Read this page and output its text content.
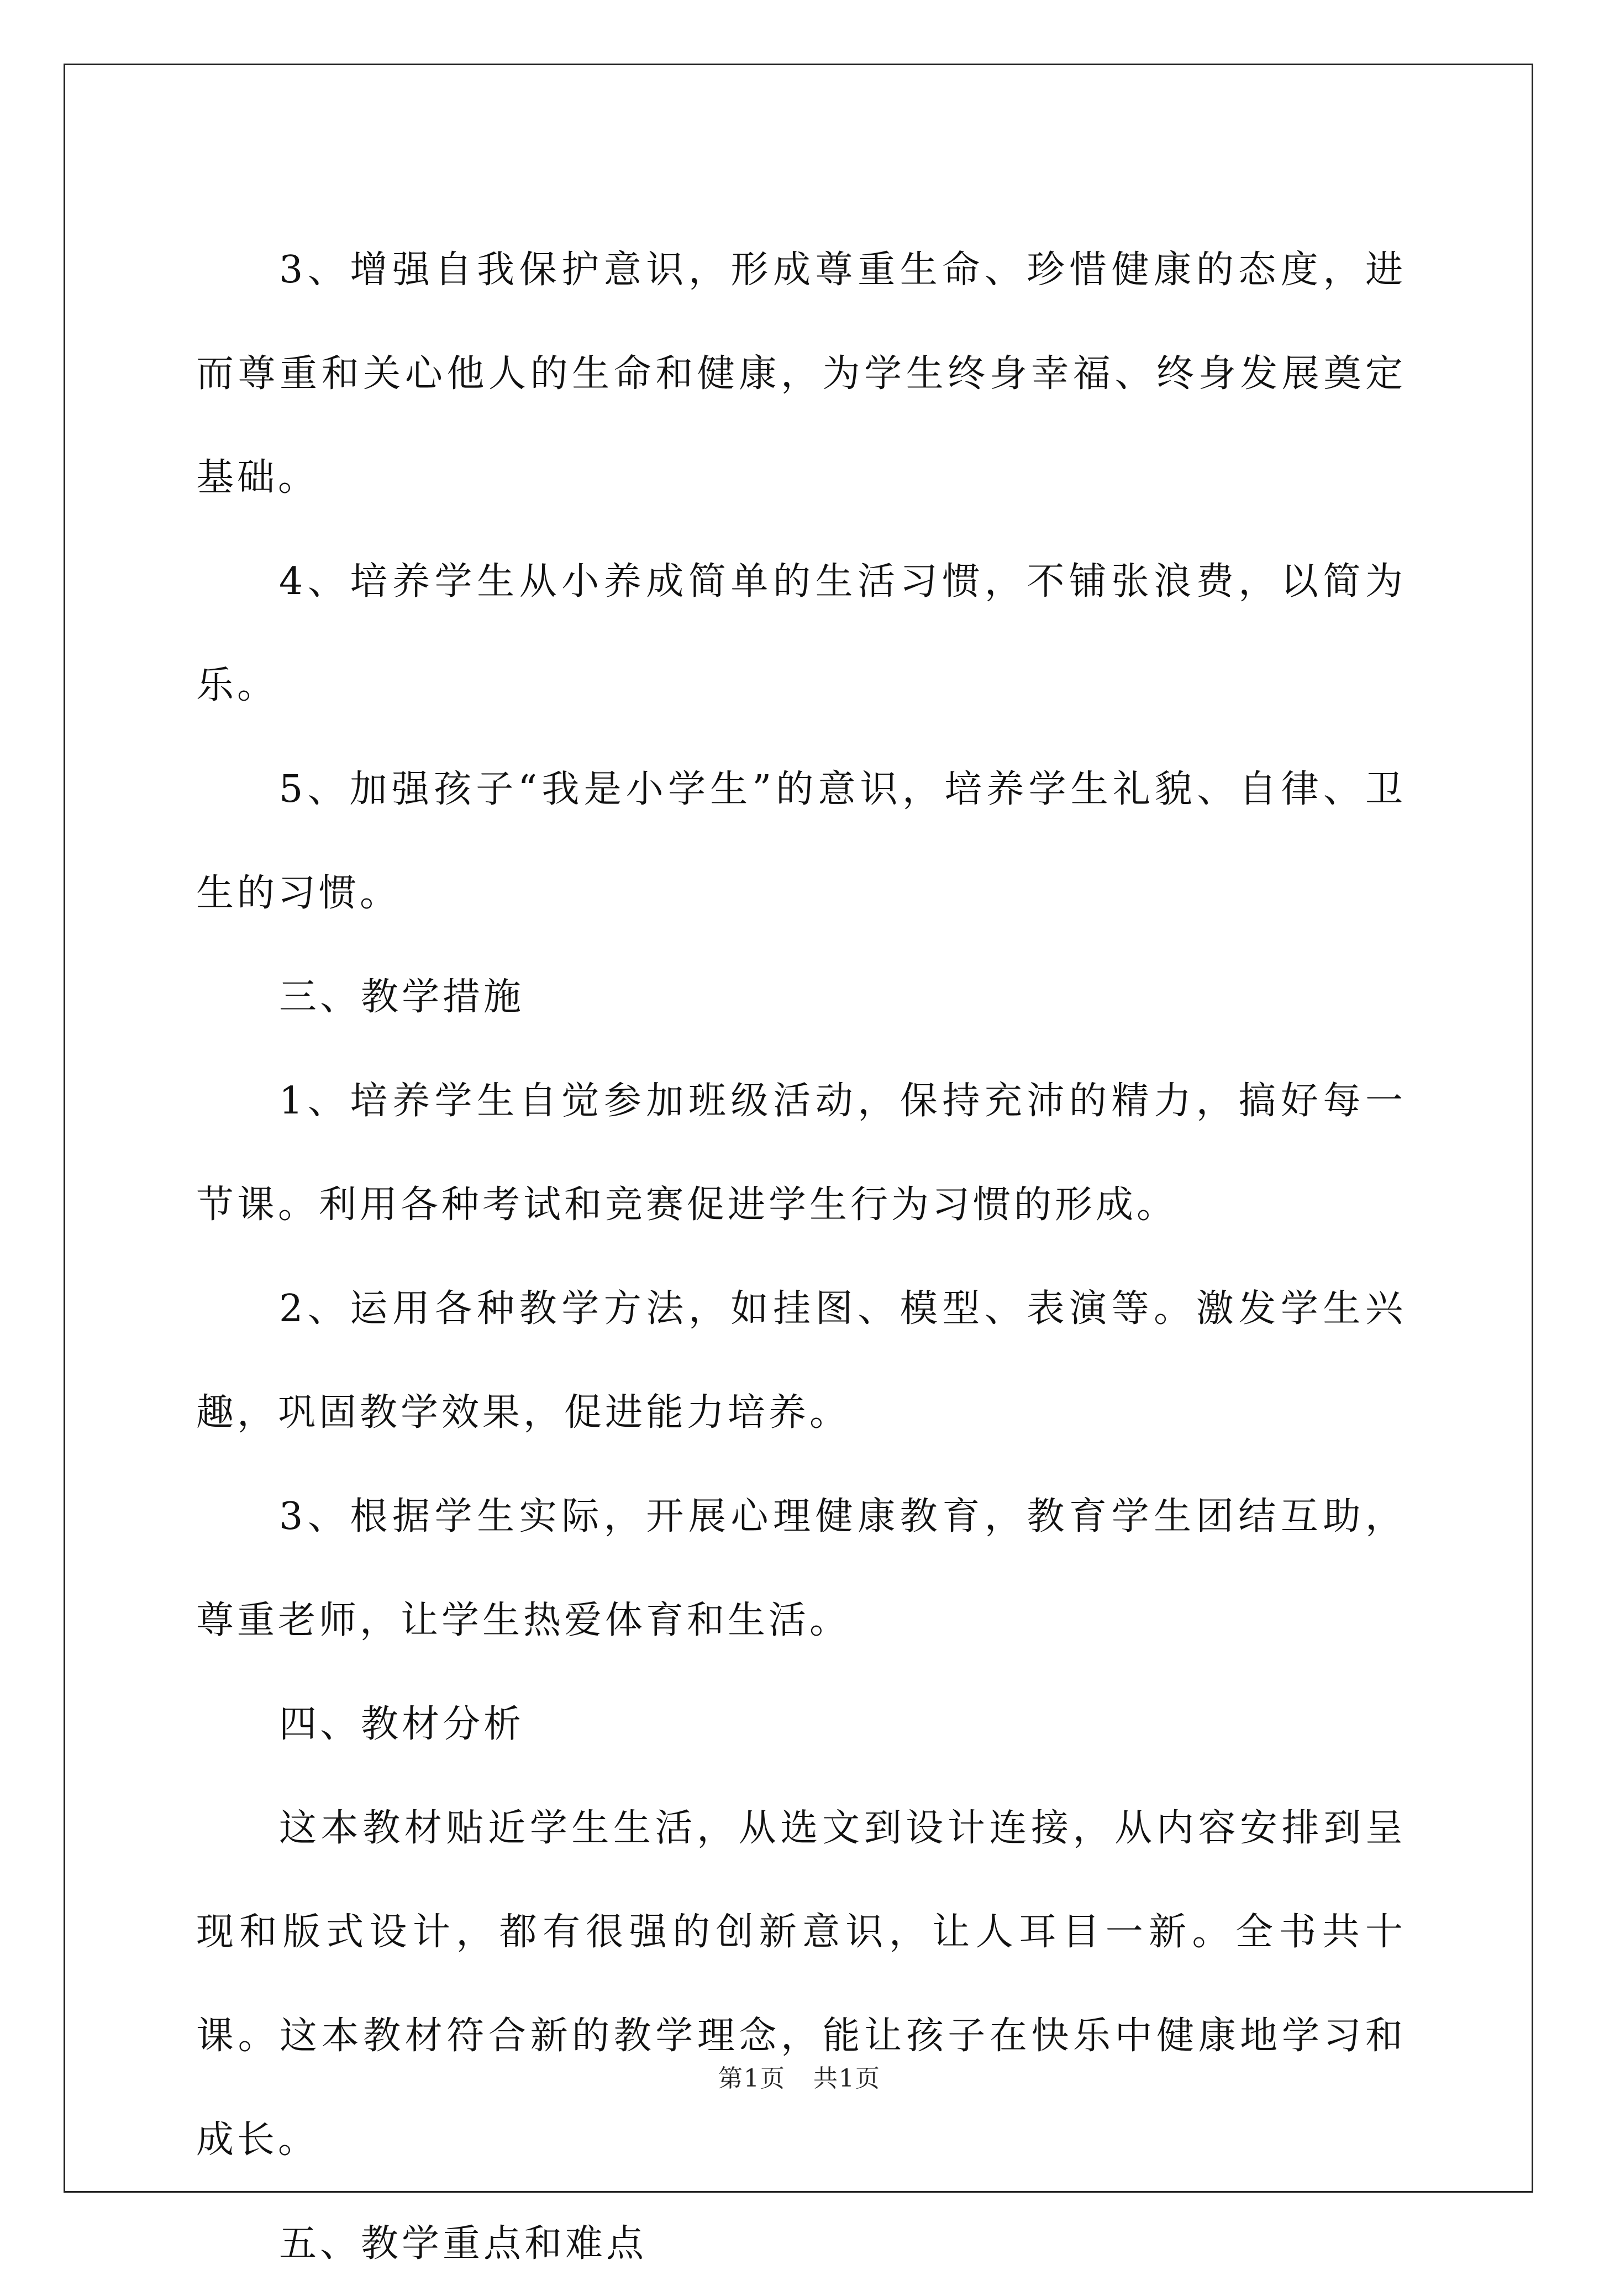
3、增强自我保护意识，形成尊重生命、珍惜健康的态度，进而尊重和关心他人的生命和健康，为学生终身幸福、终身发展奠定基础。

4、培养学生从小养成简单的生活习惯，不铺张浪费，以简为乐。

5、加强孩子“我是小学生”的意识，培养学生礼貌、自律、卫生的习惯。

三、教学措施

1、培养学生自觉参加班级活动，保持充沛的精力，搞好每一节课。利用各种考试和竞赛促进学生行为习惯的形成。

2、运用各种教学方法，如挂图、模型、表演等。激发学生兴趣，巩固教学效果，促进能力培养。

3、根据学生实际，开展心理健康教育，教育学生团结互助，尊重老师，让学生热爱体育和生活。

四、教材分析

这本教材贴近学生生活，从选文到设计连接，从内容安排到呈现和版式设计，都有很强的创新意识，让人耳目一新。全书共十课。这本教材符合新的教学理念，能让孩子在快乐中健康地学习和成长。

五、教学重点和难点

第1页 共1页
